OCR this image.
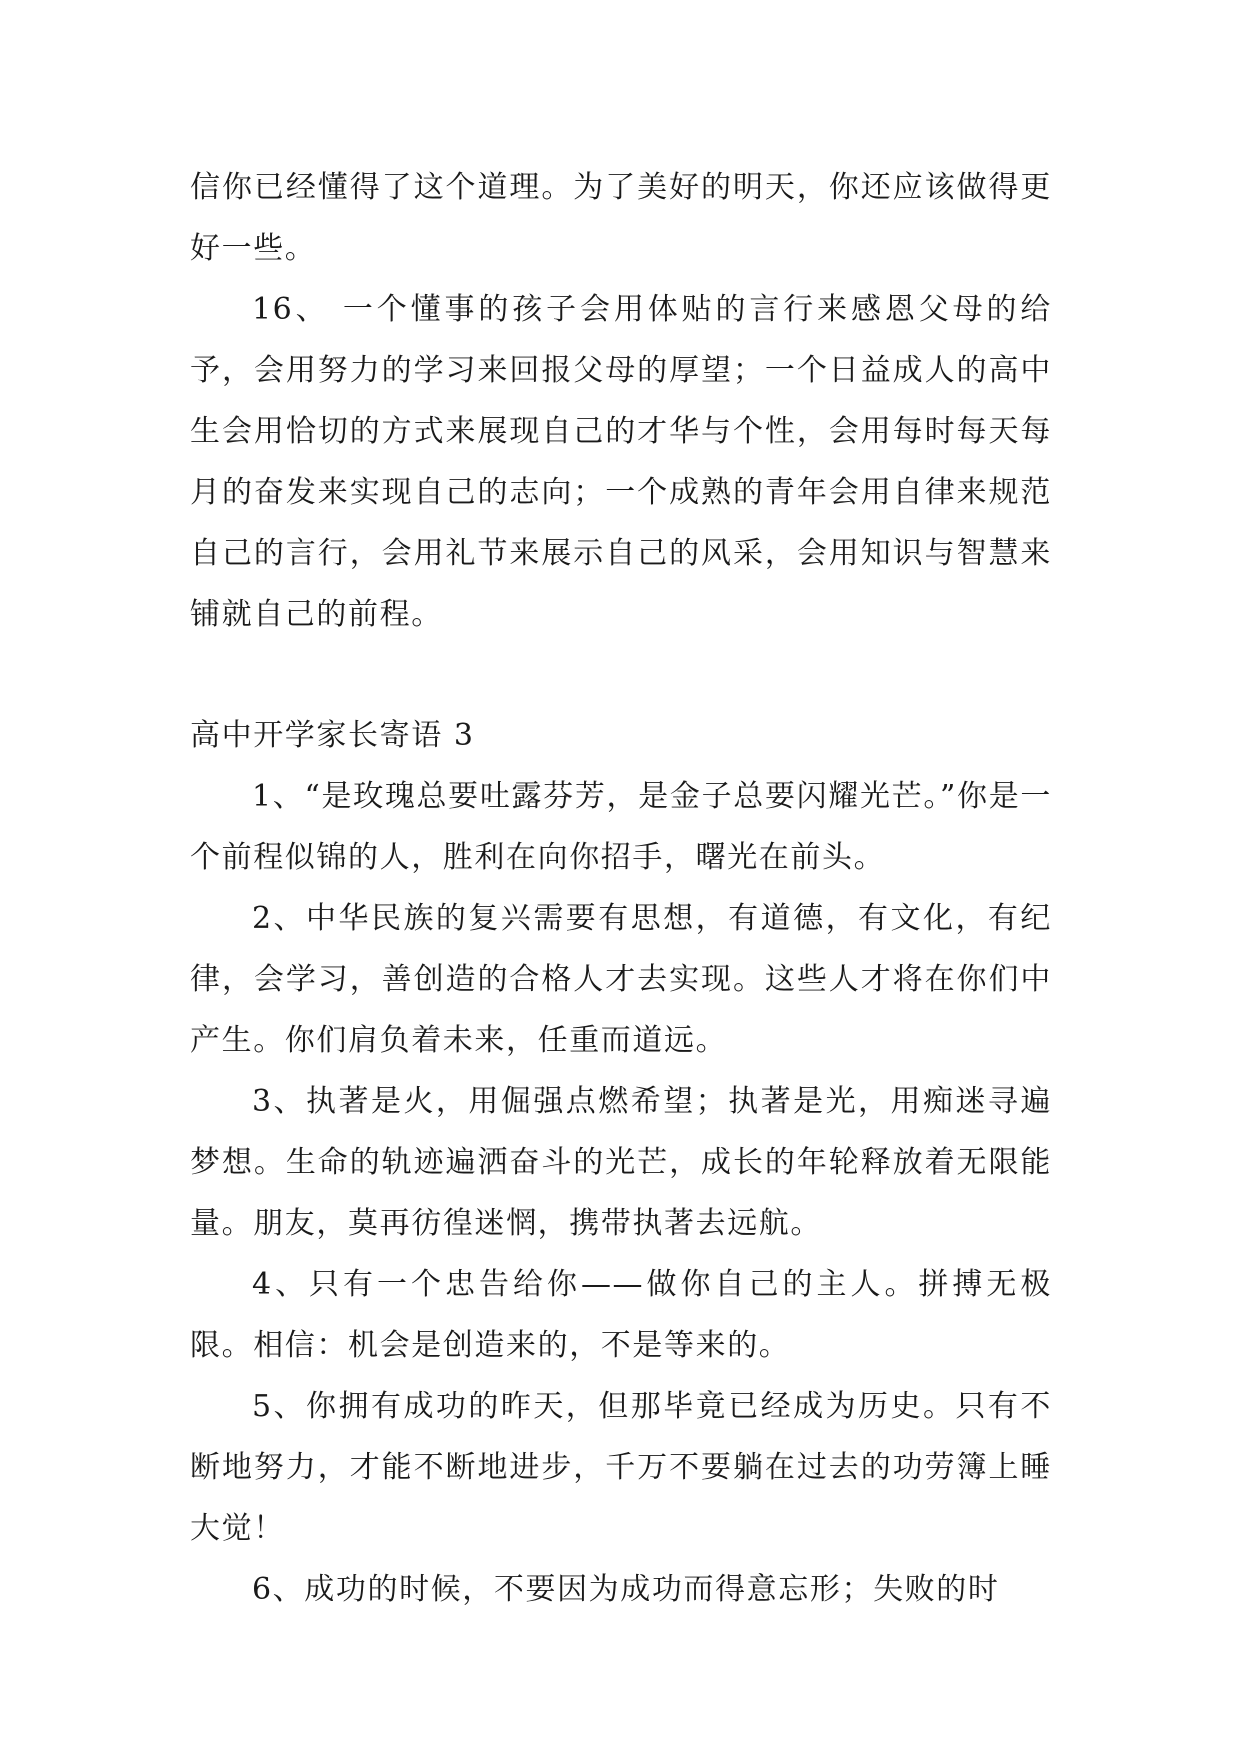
信你已经懂得了这个道理。为了美好的明天，你还应该做得更好一些。

16、 一个懂事的孩子会用体贴的言行来感恩父母的给予，会用努力的学习来回报父母的厚望；一个日益成人的高中生会用恰切的方式来展现自己的才华与个性，会用每时每天每月的奋发来实现自己的志向；一个成熟的青年会用自律来规范自己的言行，会用礼节来展示自己的风采，会用知识与智慧来铺就自己的前程。

高中开学家长寄语 3

1、“是玫瑰总要吐露芬芳，是金子总要闪耀光芒。”你是一个前程似锦的人，胜利在向你招手，曙光在前头。

2、中华民族的复兴需要有思想，有道德，有文化，有纪律，会学习，善创造的合格人才去实现。这些人才将在你们中产生。你们肩负着未来，任重而道远。

3、执著是火，用倔强点燃希望；执著是光，用痴迷寻遍梦想。生命的轨迹遍洒奋斗的光芒，成长的年轮释放着无限能量。朋友，莫再彷徨迷惘，携带执著去远航。

4、只有一个忠告给你——做你自己的主人。拼搏无极限。相信：机会是创造来的，不是等来的。

5、你拥有成功的昨天，但那毕竟已经成为历史。只有不断地努力，才能不断地进步，千万不要躺在过去的功劳簿上睡大觉！

6、成功的时候，不要因为成功而得意忘形；失败的时
